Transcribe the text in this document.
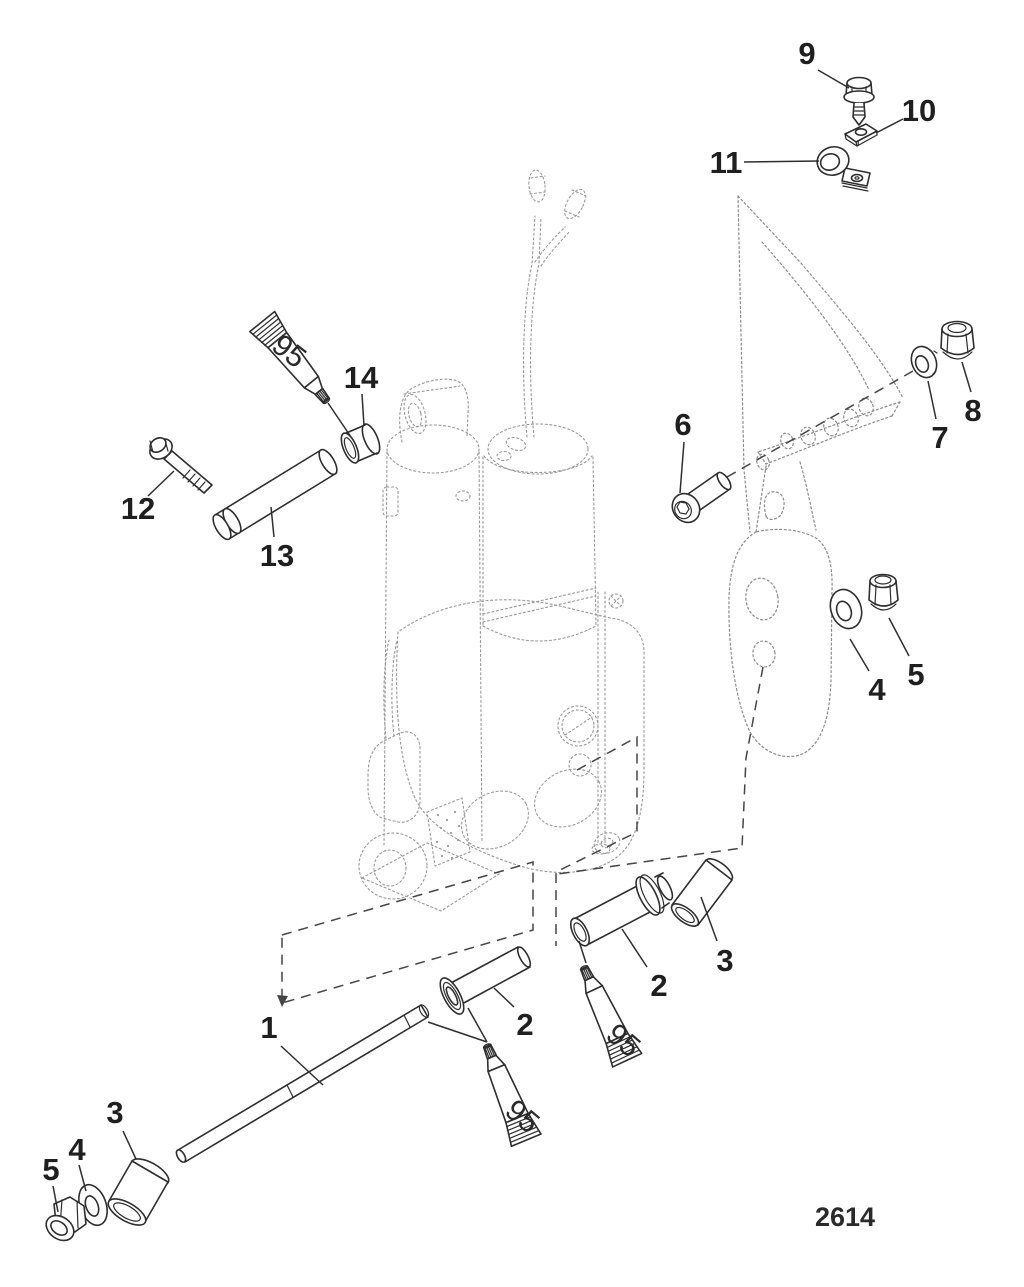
9
10
11
8
7
6
5
4
14
12
13
1	2
2
3
3
4
5
95
95
95
2614
